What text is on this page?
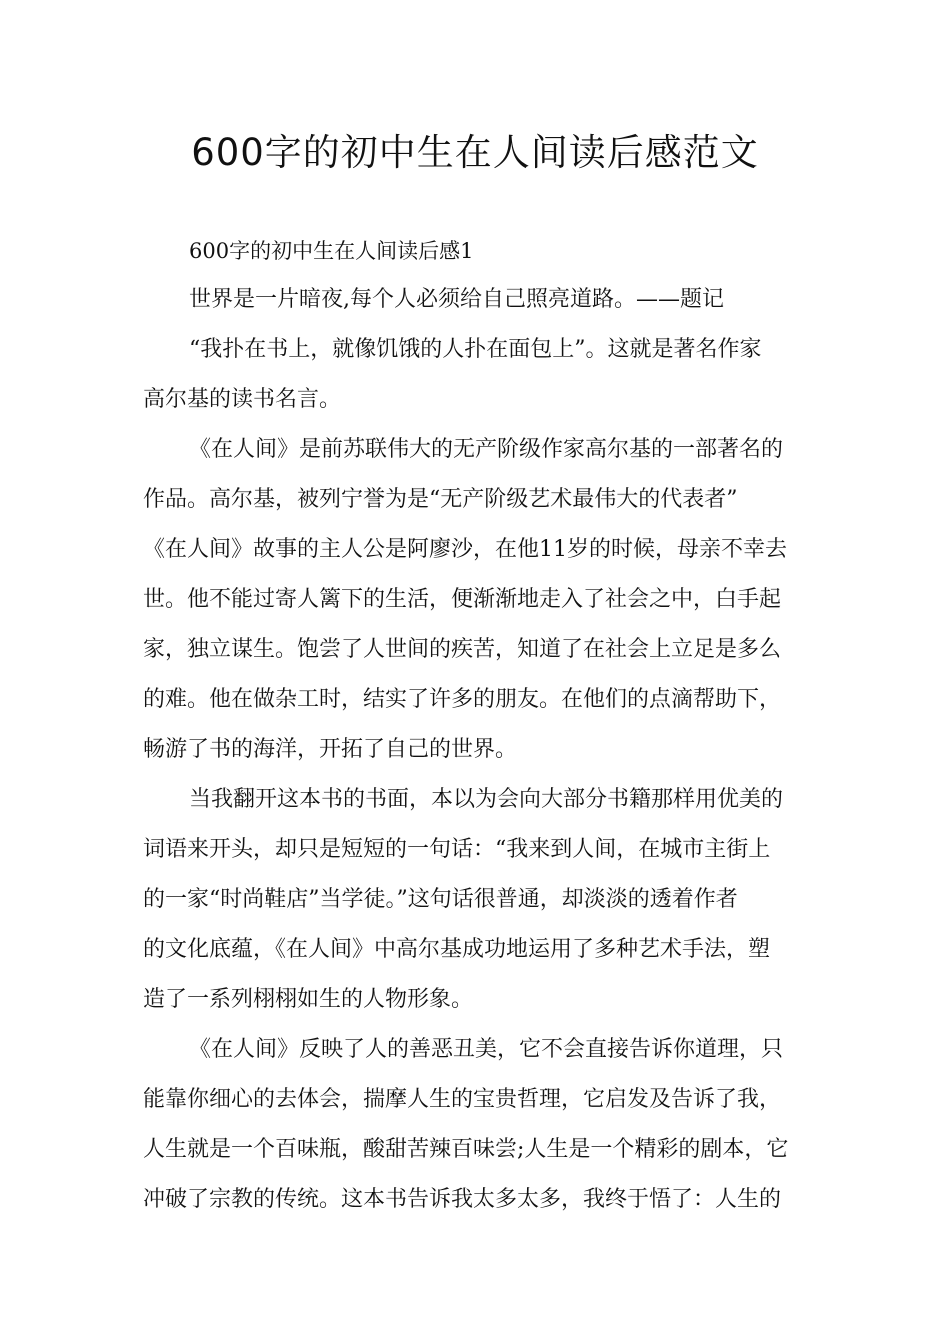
600字的初中生在人间读后感范文

600字的初中生在人间读后感1

世界是一片暗夜,每个人必须给自己照亮道路。——题记

“我扑在书上，就像饥饿的人扑在面包上”。这就是著名作家

高尔基的读书名言。

《在人间》是前苏联伟大的无产阶级作家高尔基的一部著名的

作品。高尔基，被列宁誉为是“无产阶级艺术最伟大的代表者”

《在人间》故事的主人公是阿廖沙，在他11岁的时候，母亲不幸去

世。他不能过寄人篱下的生活，便渐渐地走入了社会之中，白手起

家，独立谋生。饱尝了人世间的疾苦，知道了在社会上立足是多么

的难。他在做杂工时，结实了许多的朋友。在他们的点滴帮助下，

畅游了书的海洋，开拓了自己的世界。

当我翻开这本书的书面，本以为会向大部分书籍那样用优美的

词语来开头，却只是短短的一句话：“我来到人间，在城市主街上

的一家“时尚鞋店”当学徒。”这句话很普通，却淡淡的透着作者

的文化底蕴，《在人间》中高尔基成功地运用了多种艺术手法，塑

造了一系列栩栩如生的人物形象。

《在人间》反映了人的善恶丑美，它不会直接告诉你道理，只

能靠你细心的去体会，揣摩人生的宝贵哲理，它启发及告诉了我，

人生就是一个百味瓶，酸甜苦辣百味尝;人生是一个精彩的剧本，它

冲破了宗教的传统。这本书告诉我太多太多，我终于悟了：人生的
